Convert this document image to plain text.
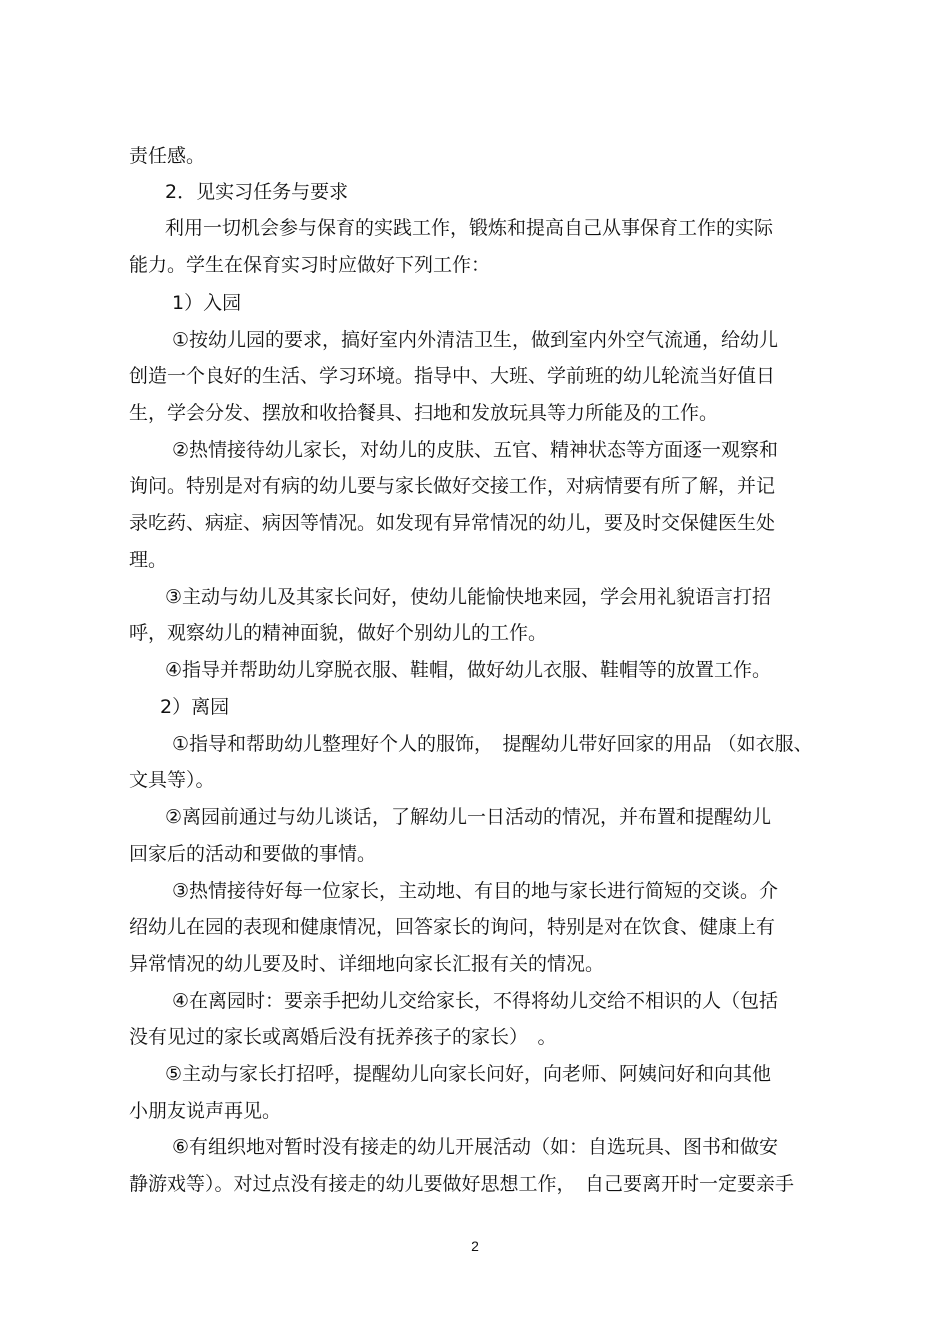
责任感。
2．见实习任务与要求
利用一切机会参与保育的实践工作，锻炼和提高自己从事保育工作的实际
能力。学生在保育实习时应做好下列工作：
1）入园
①按幼儿园的要求，搞好室内外清洁卫生，做到室内外空气流通，给幼儿
创造一个良好的生活、学习环境。指导中、大班、学前班的幼儿轮流当好值日
生，学会分发、摆放和收拾餐具、扫地和发放玩具等力所能及的工作。
②热情接待幼儿家长，对幼儿的皮肤、五官、精神状态等方面逐一观察和
询问。特别是对有病的幼儿要与家长做好交接工作，对病情要有所了解，并记
录吃药、病症、病因等情况。如发现有异常情况的幼儿，要及时交保健医生处
理。
③主动与幼儿及其家长问好，使幼儿能愉快地来园，学会用礼貌语言打招
呼，观察幼儿的精神面貌，做好个别幼儿的工作。
④指导并帮助幼儿穿脱衣服、鞋帽，做好幼儿衣服、鞋帽等的放置工作。
2）离园
①指导和帮助幼儿整理好个人的服饰，　提醒幼儿带好回家的用品 （如衣服、
文具等）。
②离园前通过与幼儿谈话，了解幼儿一日活动的情况，并布置和提醒幼儿
回家后的活动和要做的事情。
③热情接待好每一位家长，主动地、有目的地与家长进行简短的交谈。介
绍幼儿在园的表现和健康情况，回答家长的询问，特别是对在饮食、健康上有
异常情况的幼儿要及时、详细地向家长汇报有关的情况。
④在离园时：要亲手把幼儿交给家长，不得将幼儿交给不相识的人（包括
没有见过的家长或离婚后没有抚养孩子的家长）　。
⑤主动与家长打招呼，提醒幼儿向家长问好，向老师、阿姨问好和向其他
小朋友说声再见。
⑥有组织地对暂时没有接走的幼儿开展活动（如：自选玩具、图书和做安
静游戏等）。对过点没有接走的幼儿要做好思想工作，　自己要离开时一定要亲手
2
